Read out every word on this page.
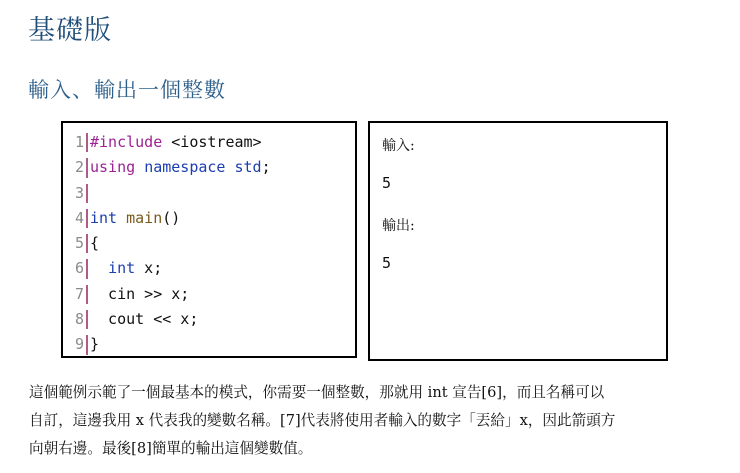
基礎版
輸入、輸出一個整數
1 #include <iostream>
2 using namespace std;
3
4 int main()
5 {
6	int x;
7 cin >> x;
8 cout << x;
9 }
輸入:
5
輸出:
5
這個範例示範了一個最基本的模式，你需要一個整數，那就用 int 宣告[6]，而且名稱可以
自訂，這邊我用 x 代表我的變數名稱。[7]代表將使用者輸入的數字「丟給」x，因此箭頭方
向朝右邊。最後[8]簡單的輸出這個變數值。
